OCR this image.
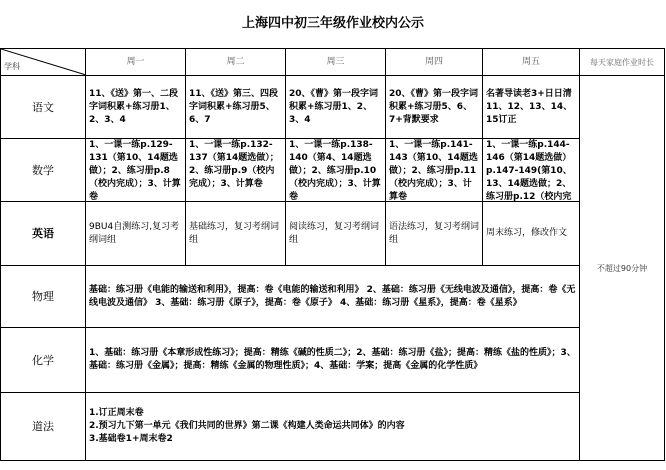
上海四中初三年级作业校内公示
学科	周一	周二	周三	周四	周五	每天家庭作业时长
语文	11、《送》第一、二段字词积累+练习册1、2、3、4	11、《送》第三、四段字词积累+练习册5、6、7	20、《曹》第一段字词积累+练习册1、2、3、4	20、《曹》第一段字词积累+练习册5、6、7+背默要求	名著导读老3+日日清11、12、13、14、15订正	不超过90分钟
数学	1、一课一练p.129-131（第10、14题选做）；2、练习册p.8（校内完成）；3、计算卷	1、一课一练p.132-137（第14题选做）；2、练习册p.9（校内完成）；3、计算卷	1、一课一练p.138-140（第4、14题选做）；2、练习册p.10（校内完成）；3、计算卷	1、一课一练p.141-143（第10、14题选做）；2、练习册p.11（校内完成）；3、计算卷	1、一课一练p.144-146（第14题选做）p.147-149(第10、13、14题选做；2、练习册p.12（校内完	

英语	9BU4自测练习,复习考纲词组	基础练习，复习考纲词组	阅读练习，复习考纲词组	语法练习，复习考纲词组	周末练习，修改作文	
物理	基础：练习册《电能的输送和利用》，提高：卷《电能的输送和利用》 2、基础：练习册《无线电波及通信》，提高：卷《无线电波及通信》 3、基础：练习册《原子》，提高：卷《原子》 4、基础：练习册《星系》，提高：卷《星系》					
化学	1、基础：练习册《本章形成性练习》；提高：精练《碱的性质二》；2、基础：练习册《盐》；提高：精练《盐的性质》；3、基础：练习册《金属》；提高：精练《金属的物理性质》；4、基础：学案；提高《金属的化学性质》					
道法	1.订正周末卷
2.预习九下第一单元《我们共同的世界》第二课《构建人类命运共同体》的内容
3.基础卷1+周末卷2					
